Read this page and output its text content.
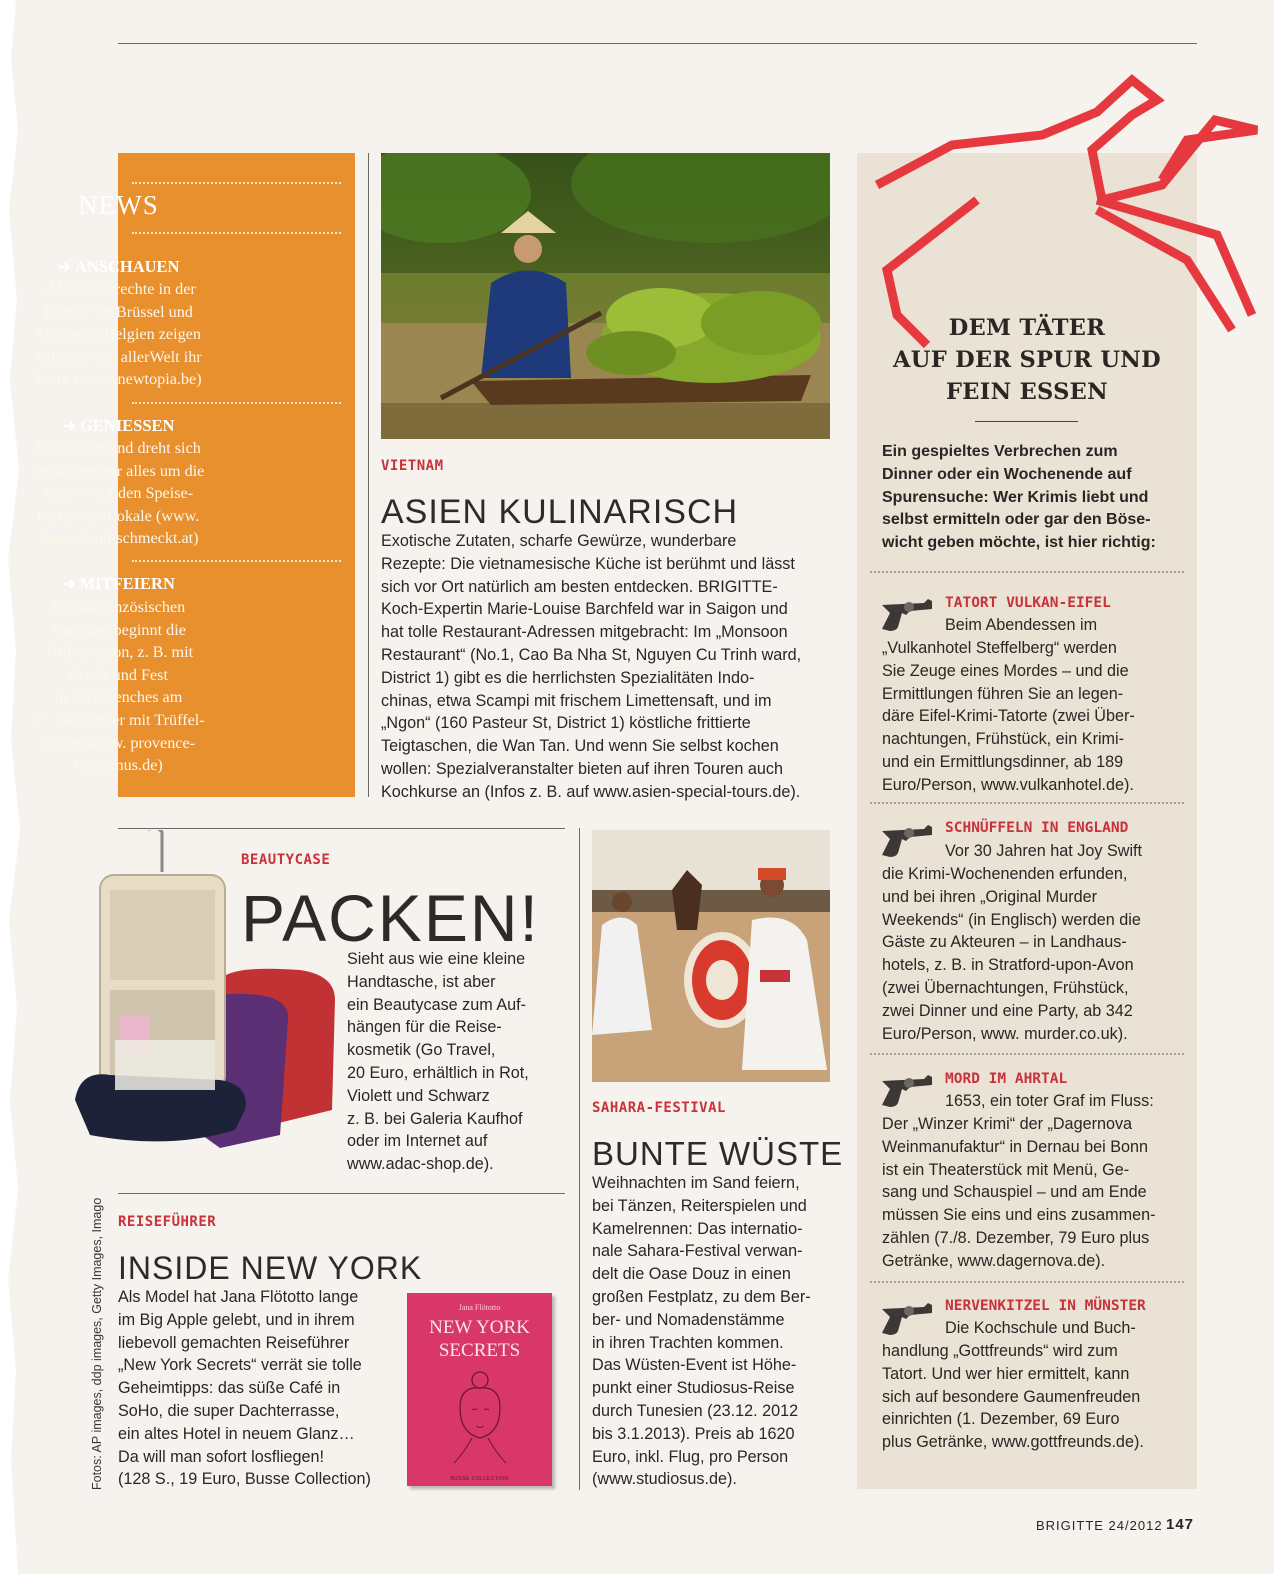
NEWS
➜ ANSCHAUEN
„Menschenrechte in der
Kunst“: In Brüssel und
Mechelen/Belgien zeigen
Künstler aus allerWelt ihr
Werk (www.newtopia.be)
➜ GENIESSEN
Im Burgenland dreht sich
im November alles um die
Gans – auf den Speise-
karten der Lokale (www.
burgenland-schmeckt.at)
➜ MITFEIERN
Im südfranzösischen
Vaucluse beginnt die
Trüffelsaison, z. B. mit
Markt und Fest
in Richerenches am
17. November mit Trüffel-
suche (www. provence-
tourismus.de)
VIETNAM
ASIEN KULINARISCH
Exotische Zutaten, scharfe Gewürze, wunderbare
Rezepte: Die vietnamesische Küche ist berühmt und lässt
sich vor Ort natürlich am besten entdecken. BRIGITTE-
Koch-Expertin Marie-Louise Barchfeld war in Saigon und
hat tolle Restaurant-Adressen mitgebracht: Im „Monsoon
Restaurant“ (No.1, Cao Ba Nha St, Nguyen Cu Trinh ward,
District 1) gibt es die herrlichsten Spezialitäten Indo-
chinas, etwa Scampi mit frischem Limettensaft, und im
„Ngon“ (160 Pasteur St, District 1) köstliche frittierte
Teigtaschen, die Wan Tan. Und wenn Sie selbst kochen
wollen: Spezialveranstalter bieten auf ihren Touren auch
Kochkurse an (Infos z. B. auf www.asien-special-tours.de).
BEAUTYCASE
PACKEN!
Sieht aus wie eine kleine
Handtasche, ist aber
ein Beautycase zum Auf-
hängen für die Reise-
kosmetik (Go Travel,
20 Euro, erhältlich in Rot,
Violett und Schwarz
z. B. bei Galeria Kaufhof
oder im Internet auf
www.adac-shop.de).
REISEFÜHRER
INSIDE NEW YORK
Als Model hat Jana Flötotto lange
im Big Apple gelebt, und in ihrem
liebevoll gemachten Reiseführer
„New York Secrets“ verrät sie tolle
Geheimtipps: das süße Café in
SoHo, die super Dachterrasse,
ein altes Hotel in neuem Glanz…
Da will man sofort losfliegen!
(128 S., 19 Euro, Busse Collection)
Jana Flötotto
NEW YORK
SECRETS
BUSSE COLLECTION
SAHARA-FESTIVAL
BUNTE WÜSTE
Weihnachten im Sand feiern,
bei Tänzen, Reiterspielen und
Kamelrennen: Das internatio-
nale Sahara-Festival verwan-
delt die Oase Douz in einen
großen Festplatz, zu dem Ber-
ber- und Nomadenstämme
in ihren Trachten kommen.
Das Wüsten-Event ist Höhe-
punkt einer Studiosus-Reise
durch Tunesien (23.12. 2012
bis 3.1.2013). Preis ab 1620
Euro, inkl. Flug, pro Person
(www.studiosus.de).
DEM TÄTER
AUF DER SPUR UND
FEIN ESSEN
Ein gespieltes Verbrechen zum
Dinner oder ein Wochenende auf
Spurensuche: Wer Krimis liebt und
selbst ermitteln oder gar den Böse-
wicht geben möchte, ist hier richtig:
TATORT VULKAN-EIFEL
Beim Abendessen im
„Vulkanhotel Steffelberg“ werden
Sie Zeuge eines Mordes – und die
Ermittlungen führen Sie an legen-
däre Eifel-Krimi-Tatorte (zwei Über-
nachtungen, Frühstück, ein Krimi-
und ein Ermittlungsdinner, ab 189
Euro/Person, www.vulkanhotel.de).
SCHNÜFFELN IN ENGLAND
Vor 30 Jahren hat Joy Swift
die Krimi-Wochenenden erfunden,
und bei ihren „Original Murder
Weekends“ (in Englisch) werden die
Gäste zu Akteuren – in Landhaus-
hotels, z. B. in Stratford-upon-Avon
(zwei Übernachtungen, Frühstück,
zwei Dinner und eine Party, ab 342
Euro/Person, www. murder.co.uk).
MORD IM AHRTAL
1653, ein toter Graf im Fluss:
Der „Winzer Krimi“ der „Dagernova
Weinmanufaktur“ in Dernau bei Bonn
ist ein Theaterstück mit Menü, Ge-
sang und Schauspiel – und am Ende
müssen Sie eins und eins zusammen-
zählen (7./8. Dezember, 79 Euro plus
Getränke, www.dagernova.de).
NERVENKITZEL IN MÜNSTER
Die Kochschule und Buch-
handlung „Gottfreunds“ wird zum
Tatort. Und wer hier ermittelt, kann
sich auf besondere Gaumenfreuden
einrichten (1. Dezember, 69 Euro
plus Getränke, www.gottfreunds.de).
Fotos: AP images, ddp images, Getty Images, Imago
BRIGITTE 24/2012 147
